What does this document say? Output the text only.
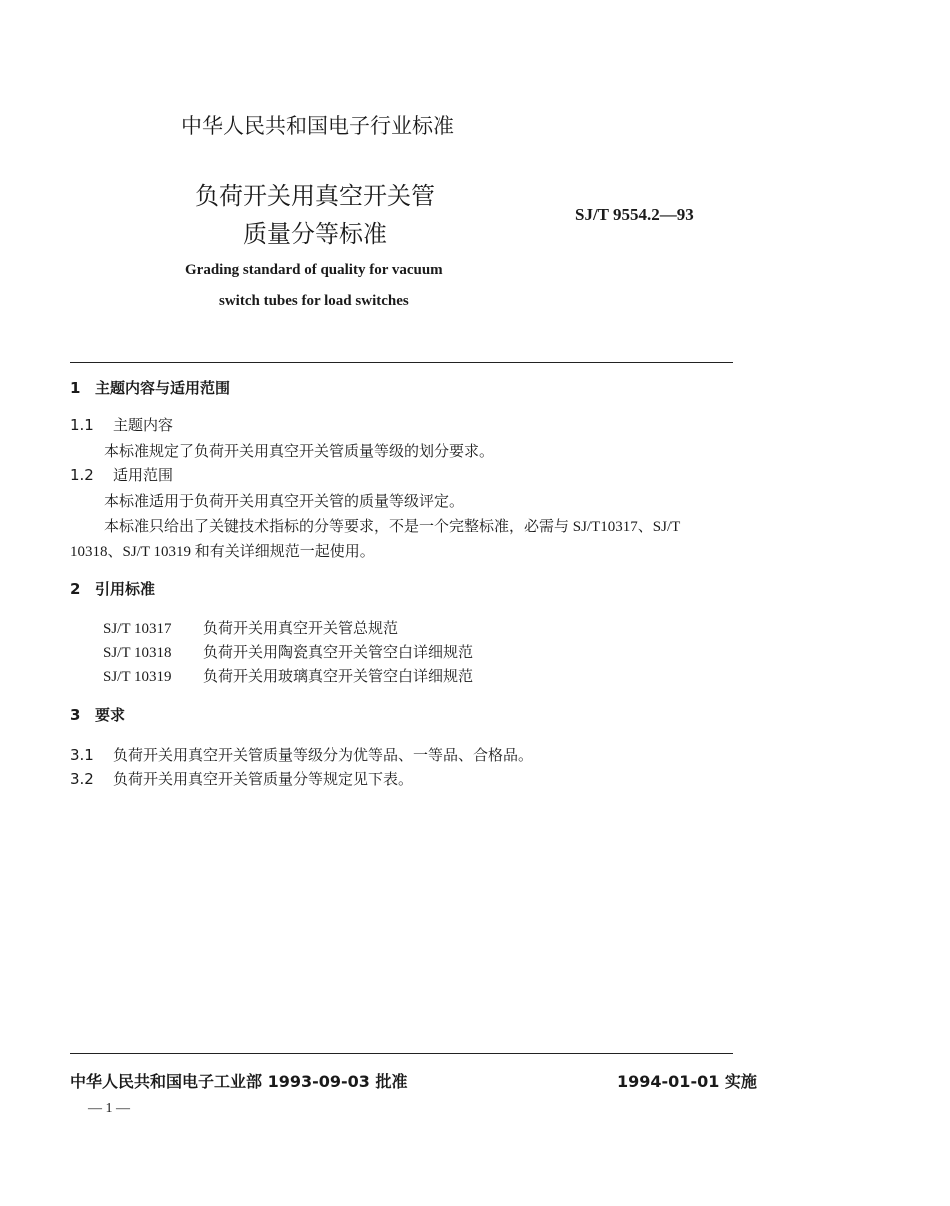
中华人民共和国电子行业标准
负荷开关用真空开关管
质量分等标准
SJ/T 9554.2—93
Grading standard of quality for vacuum
switch tubes for load switches
1 主题内容与适用范围
1.1 主题内容
本标准规定了负荷开关用真空开关管质量等级的划分要求。
1.2 适用范围
本标准适用于负荷开关用真空开关管的质量等级评定。
本标准只给出了关键技术指标的分等要求，不是一个完整标准，必需与 SJ/T10317、SJ/T
10318、SJ/T 10319 和有关详细规范一起使用。
2 引用标准
SJ/T 10317 负荷开关用真空开关管总规范
SJ/T 10318 负荷开关用陶瓷真空开关管空白详细规范
SJ/T 10319 负荷开关用玻璃真空开关管空白详细规范
3 要求
3.1 负荷开关用真空开关管质量等级分为优等品、一等品、合格品。
3.2 负荷开关用真空开关管质量分等规定见下表。
中华人民共和国电子工业部 1993-09-03 批准	1994-01-01 实施
— 1 —
